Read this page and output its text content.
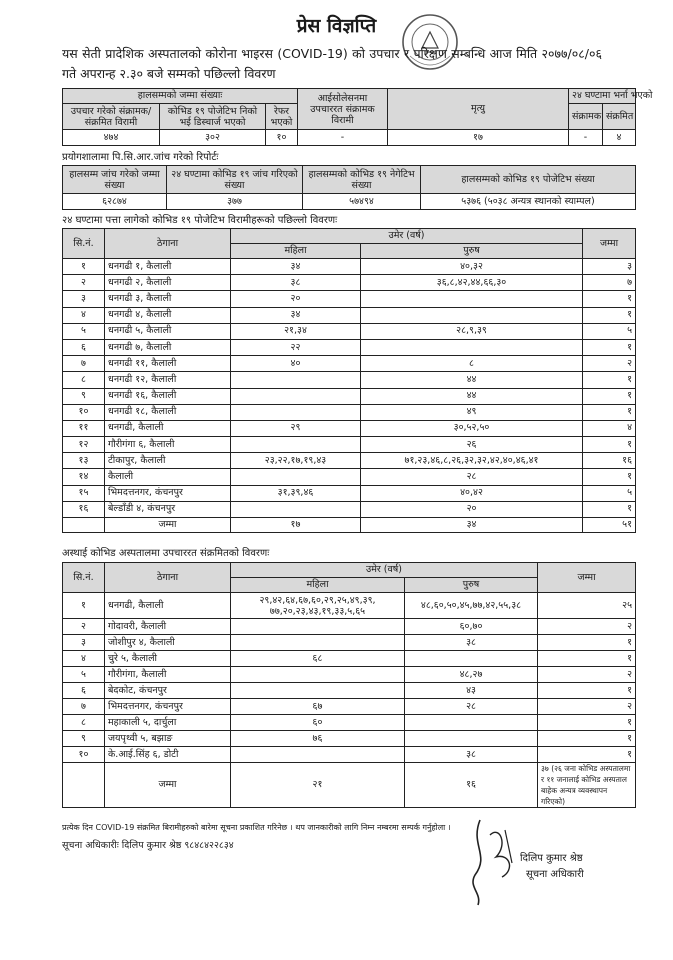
प्रेस विज्ञप्ति
यस सेती प्रादेशिक अस्पतालको कोरोना भाइरस (COVID-19) को उपचार र परिक्षण सम्बन्धि आज मिति २०७७/०८/०६ गते अपरान्ह २.३० बजे सम्मको पछिल्लो विवरण
हालसम्मको जम्मा संख्याः			आईसोलेसनमा उपचाररत संक्रामक विरामी	मृत्यु	२४ घण्टामा भर्ना भएको	
उपचार गरेको संक्रामक/संक्रमित विरामी	कोभिड १९ पोजेटिभ निको भई डिस्चार्ज भएको	रेफर भएको			संक्रामक	संक्रमित
४७४	३०२	१०	-	१७	-	४
प्रयोगशालामा पि.सि.आर.जांच गरेको रिपोर्टः
हालसम्म जांच गरेको जम्मा संख्या	२४ घण्टामा कोभिड १९ जांच गरिएको संख्या	हालसम्मको कोभिड १९ नेगेटिभ संख्या	हालसम्मको कोभिड १९ पोजेटिभ संख्या
६२८७४	३७७	५७४९४	५३७६ (५०३८ अन्यत्र स्थानको स्याम्पल)
२४ घण्टामा पत्ता लागेको कोभिड १९ पोजेटिभ विरामीहरूको पछिल्लो विवरणः
सि.नं.	ठेगाना	उमेर (वर्ष)		जम्मा
		महिला	पुरुष	
१	धनगढी १, कैलाली	३४	४०,३२	३
२	धनगढी २, कैलाली	३८	३६,८,४२,४४,६६,३०	७
३	धनगढी ३, कैलाली	२०		१
४	धनगढी ४, कैलाली	३४		१
५	धनगढी ५, कैलाली	२१,३४	२८,९,३९	५
६	धनगढी ७, कैलाली	२२		१
७	धनगढी ११, कैलाली	४०	८	२
८	धनगढी १२, कैलाली		४४	१
९	धनगढी १६, कैलाली		४४	१
१०	धनगढी १८, कैलाली		४९	१
११	धनगढी, कैलाली	२९	३०,५२,५०	४
१२	गौरीगंगा ६, कैलाली		२६	१
१३	टीकापुर, कैलाली	२३,२२,१७,१९,४३	७१,२३,४६,८,२६,३२,३२,४२,४०,४६,४१	१६
१४	कैलाली		२८	१
१५	भिमदत्तनगर, कंचनपुर	३१,३९,४६	४०,४२	५
१६	बेल्डाँडी ४, कंचनपुर		२०	१
	जम्मा	१७	३४	५१
अस्थाई कोभिड अस्पतालमा उपचाररत संक्रमितको विवरणः
सि.नं.	ठेगाना	उमेर (वर्ष)		जम्मा
		महिला	पुरुष	
१	धनगढी, कैलाली	२९,४२,६४,६७,६०,२९,२५,४९,३९, ७७,२०,२३,४३,१९,३३,५,६५	४८,६०,५०,४५,७७,४२,५५,३८	२५
२	गोदावरी, कैलाली		६०,७०	२
३	जोशीपुर ४, कैलाली		३८	१
४	चुरे ५, कैलाली	६८		१
५	गौरीगंगा, कैलाली		४८,२७	२
६	बेदकोट, कंचनपुर		४३	१
७	भिमदत्तनगर, कंचनपुर	६७	२८	२
८	महाकाली ५, दार्चुला	६०		१
९	जयपृथ्वी ५, बझाङ	७६		१
१०	के.आई.सिंह ६, डोटी		३८	१
	जम्मा	२१	१६	३७ (२६ जना कोभिड अस्पतालमा र ११ जनालाई कोभिड अस्पताल बाहेक अन्यत्र व्यवस्थापन गरिएको)
प्रत्येक दिन COVID-19 संक्रमित बिरामीहरुको बारेमा सूचना प्रकाशित गरिनेछ । थप जानकारीको लागि निम्न नम्बरमा सम्पर्क गर्नुहोला ।
सूचना अधिकारीः दिलिप कुमार श्रेष्ठ ९८४८४२२८३४
दिलिप कुमार श्रेष्ठ
सूचना अधिकारी
